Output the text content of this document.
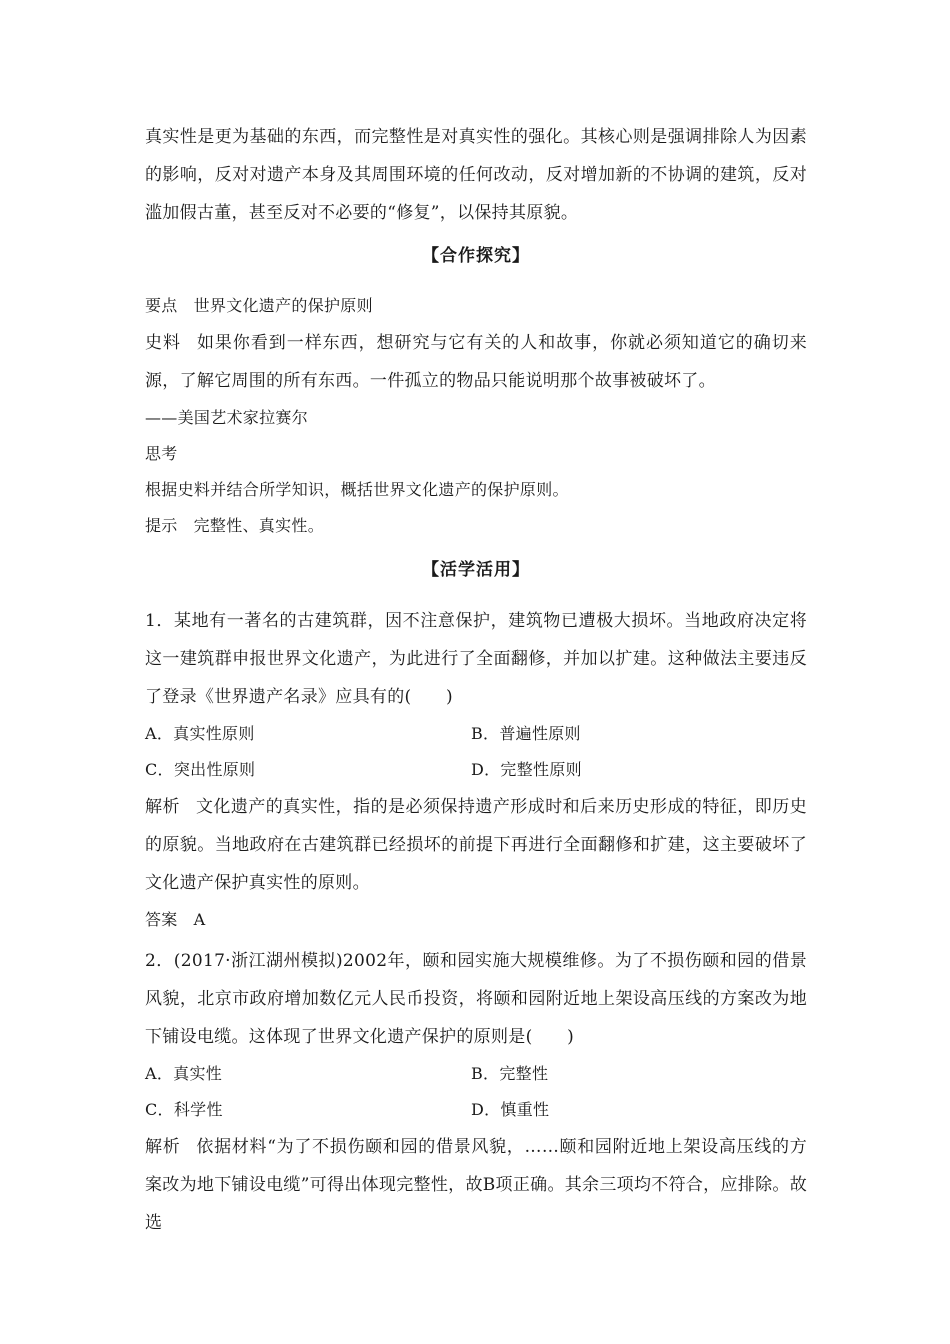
真实性是更为基础的东西，而完整性是对真实性的强化。其核心则是强调排除人为因素的影响，反对对遗产本身及其周围环境的任何改动，反对增加新的不协调的建筑，反对滥加假古董，甚至反对不必要的“修复”，以保持其原貌。

【合作探究】

要点 世界文化遗产的保护原则

史料 如果你看到一样东西，想研究与它有关的人和故事，你就必须知道它的确切来源，了解它周围的所有东西。一件孤立的物品只能说明那个故事被破坏了。

——美国艺术家拉赛尔

思考

根据史料并结合所学知识，概括世界文化遗产的保护原则。

提示 完整性、真实性。

【活学活用】

1．某地有一著名的古建筑群，因不注意保护，建筑物已遭极大损坏。当地政府决定将这一建筑群申报世界文化遗产，为此进行了全面翻修，并加以扩建。这种做法主要违反了登录《世界遗产名录》应具有的(　　)

A．真实性原则	B．普遍性原则
C．突出性原则	D．完整性原则

解析 文化遗产的真实性，指的是必须保持遗产形成时和后来历史形成的特征，即历史的原貌。当地政府在古建筑群已经损坏的前提下再进行全面翻修和扩建，这主要破坏了文化遗产保护真实性的原则。

答案 A

2．(2017·浙江湖州模拟)2002年，颐和园实施大规模维修。为了不损伤颐和园的借景风貌，北京市政府增加数亿元人民币投资，将颐和园附近地上架设高压线的方案改为地下铺设电缆。这体现了世界文化遗产保护的原则是(　　)

A．真实性	B．完整性
C．科学性	D．慎重性

解析 依据材料“为了不损伤颐和园的借景风貌，……颐和园附近地上架设高压线的方案改为地下铺设电缆”可得出体现完整性，故B项正确。其余三项均不符合，应排除。故选
